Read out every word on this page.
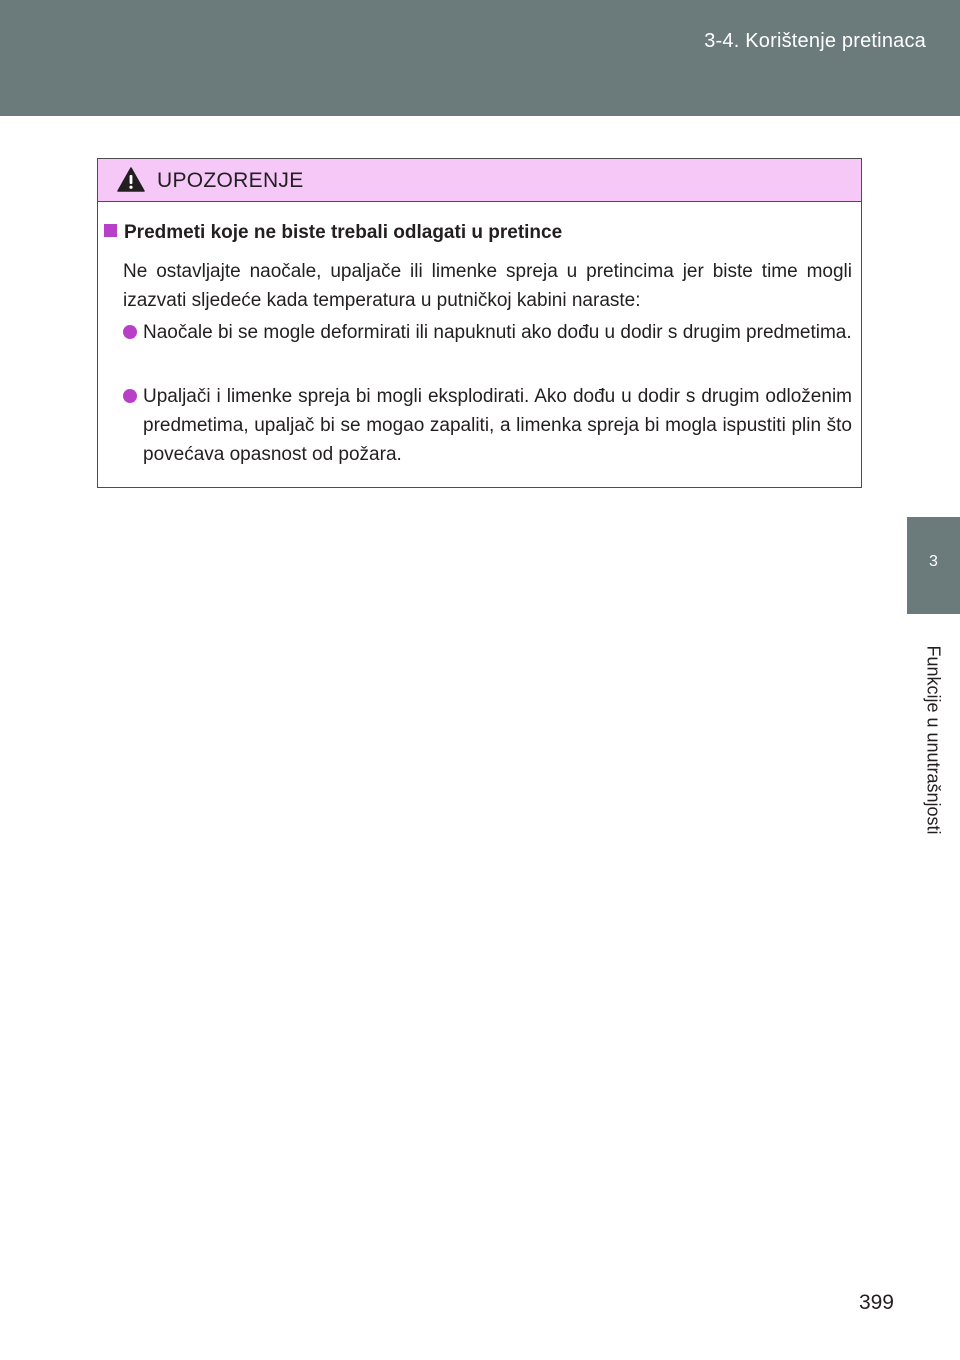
3-4. Korištenje pretinaca
3
Funkcije u unutrašnjosti
UPOZORENJE
Predmeti koje ne biste trebali odlagati u pretince
Ne ostavljajte naočale, upaljače ili limenke spreja u pretincima jer biste time mogli izazvati sljedeće kada temperatura u putničkoj kabini naraste:
Naočale bi se mogle deformirati ili napuknuti ako dođu u dodir s drugim predmetima.
Upaljači i limenke spreja bi mogli eksplodirati. Ako dođu u dodir s drugim odloženim predmetima, upaljač bi se mogao zapaliti, a limenka spreja bi mogla ispustiti plin što povećava opasnost od požara.
399
